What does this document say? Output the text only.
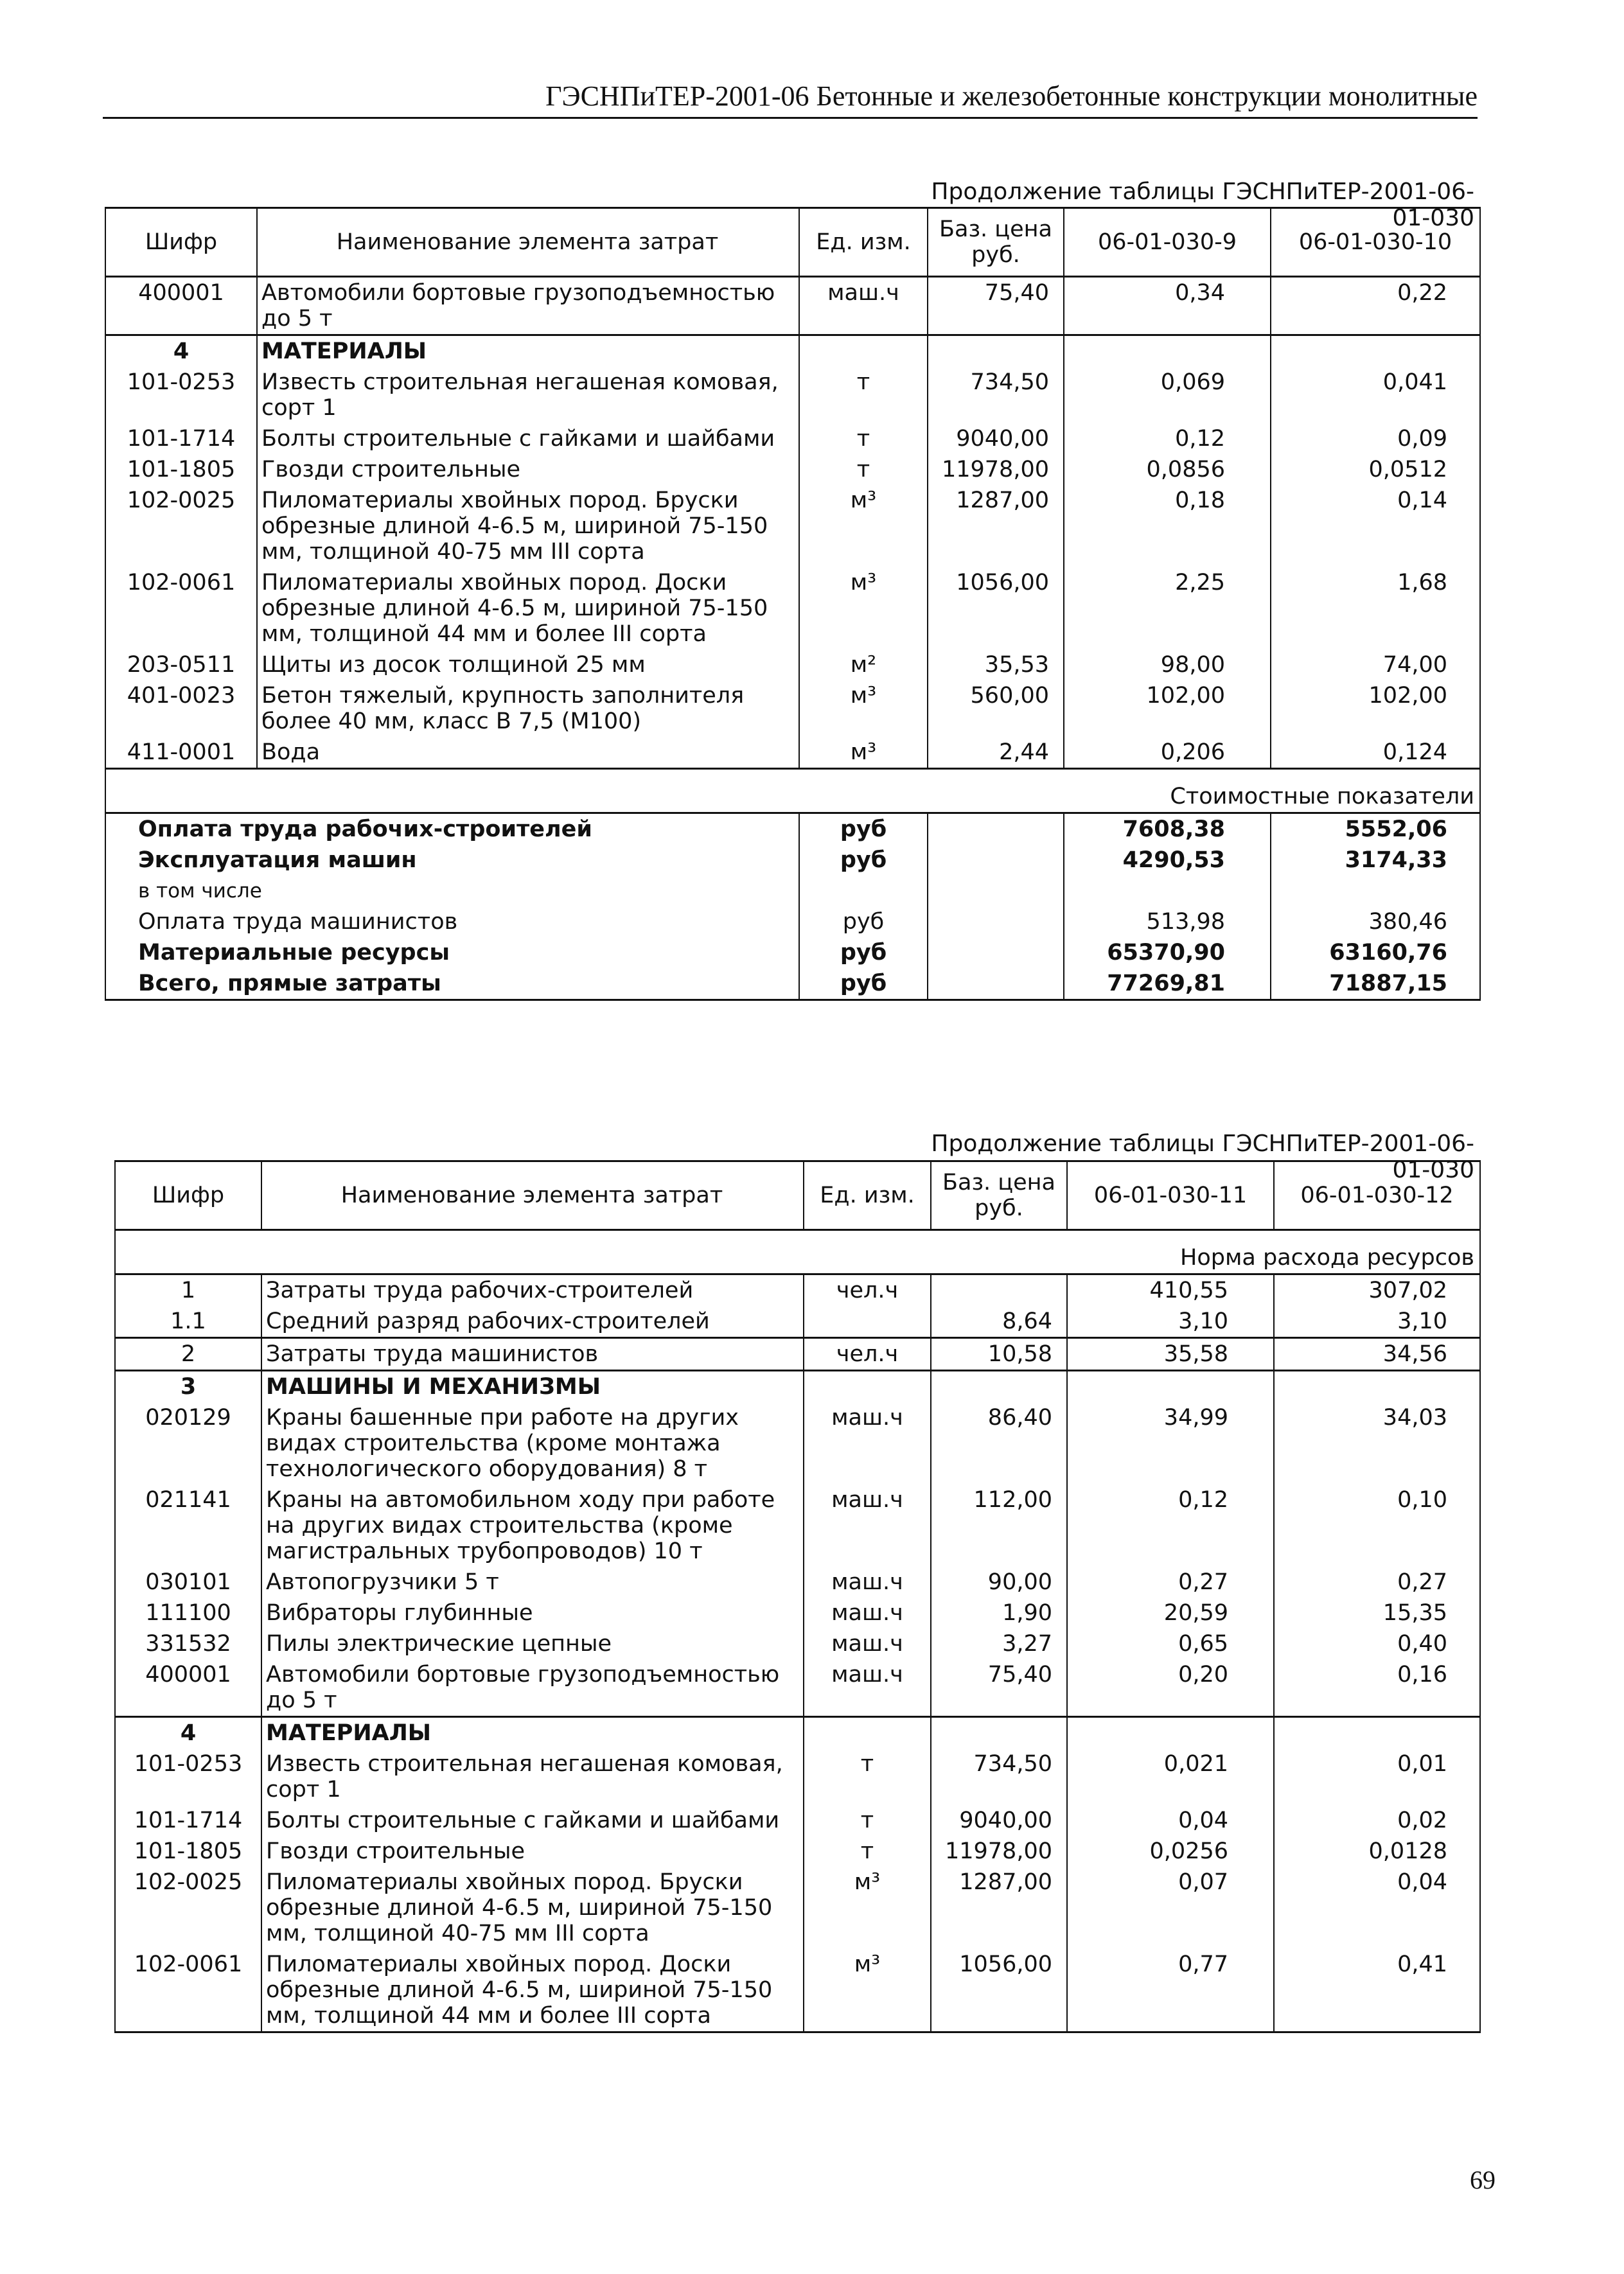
ГЭСНПиТЕР-2001-06 Бетонные и железобетонные конструкции монолитные
Продолжение таблицы ГЭСНПиТЕР-2001-06-01-030
Шифр	Наименование элемента затрат	Ед. изм.	Баз. цена руб.	06-01-030-9	06-01-030-10
400001	Автомобили бортовые грузоподъемностью до 5 т	маш.ч	75,40	0,34	0,22
4	МАТЕРИАЛЫ				
101-0253	Известь строительная негашеная комовая, сорт 1	т	734,50	0,069	0,041
101-1714	Болты строительные с гайками и шайбами	т	9040,00	0,12	0,09
101-1805	Гвозди строительные	т	11978,00	0,0856	0,0512
102-0025	Пиломатериалы хвойных пород. Бруски обрезные длиной 4-6.5 м, шириной 75-150 мм, толщиной 40-75 мм III сорта	м³	1287,00	0,18	0,14
102-0061	Пиломатериалы хвойных пород. Доски обрезные длиной 4-6.5 м, шириной 75-150 мм, толщиной 44 мм и более III сорта	м³	1056,00	2,25	1,68
203-0511	Щиты из досок толщиной 25 мм	м²	35,53	98,00	74,00
401-0023	Бетон тяжелый, крупность заполнителя более 40 мм, класс В 7,5 (М100)	м³	560,00	102,00	102,00
411-0001	Вода	м³	2,44	0,206	0,124
				Стоимостные показатели	
Оплата труда рабочих-строителей		руб		7608,38	5552,06
Эксплуатация машин		руб		4290,53	3174,33
в том числе					
Оплата труда машинистов		руб		513,98	380,46
Материальные ресурсы		руб		65370,90	63160,76
Всего, прямые затраты		руб		77269,81	71887,15
Продолжение таблицы ГЭСНПиТЕР-2001-06-01-030
Шифр	Наименование элемента затрат	Ед. изм.	Баз. цена руб.	06-01-030-11	06-01-030-12
				Норма расхода ресурсов	
1	Затраты труда рабочих-строителей	чел.ч		410,55	307,02
1.1	Средний разряд рабочих-строителей		8,64	3,10	3,10
2	Затраты труда машинистов	чел.ч	10,58	35,58	34,56
3	МАШИНЫ И МЕХАНИЗМЫ				
020129	Краны башенные при работе на других видах строительства (кроме монтажа технологического оборудования) 8 т	маш.ч	86,40	34,99	34,03
021141	Краны на автомобильном ходу при работе на других видах строительства (кроме магистральных трубопроводов) 10 т	маш.ч	112,00	0,12	0,10
030101	Автопогрузчики 5 т	маш.ч	90,00	0,27	0,27
111100	Вибраторы глубинные	маш.ч	1,90	20,59	15,35
331532	Пилы электрические цепные	маш.ч	3,27	0,65	0,40
400001	Автомобили бортовые грузоподъемностью до 5 т	маш.ч	75,40	0,20	0,16
4	МАТЕРИАЛЫ				
101-0253	Известь строительная негашеная комовая, сорт 1	т	734,50	0,021	0,01
101-1714	Болты строительные с гайками и шайбами	т	9040,00	0,04	0,02
101-1805	Гвозди строительные	т	11978,00	0,0256	0,0128
102-0025	Пиломатериалы хвойных пород. Бруски обрезные длиной 4-6.5 м, шириной 75-150 мм, толщиной 40-75 мм III сорта	м³	1287,00	0,07	0,04
102-0061	Пиломатериалы хвойных пород. Доски обрезные длиной 4-6.5 м, шириной 75-150 мм, толщиной 44 мм и более III сорта	м³	1056,00	0,77	0,41
69
